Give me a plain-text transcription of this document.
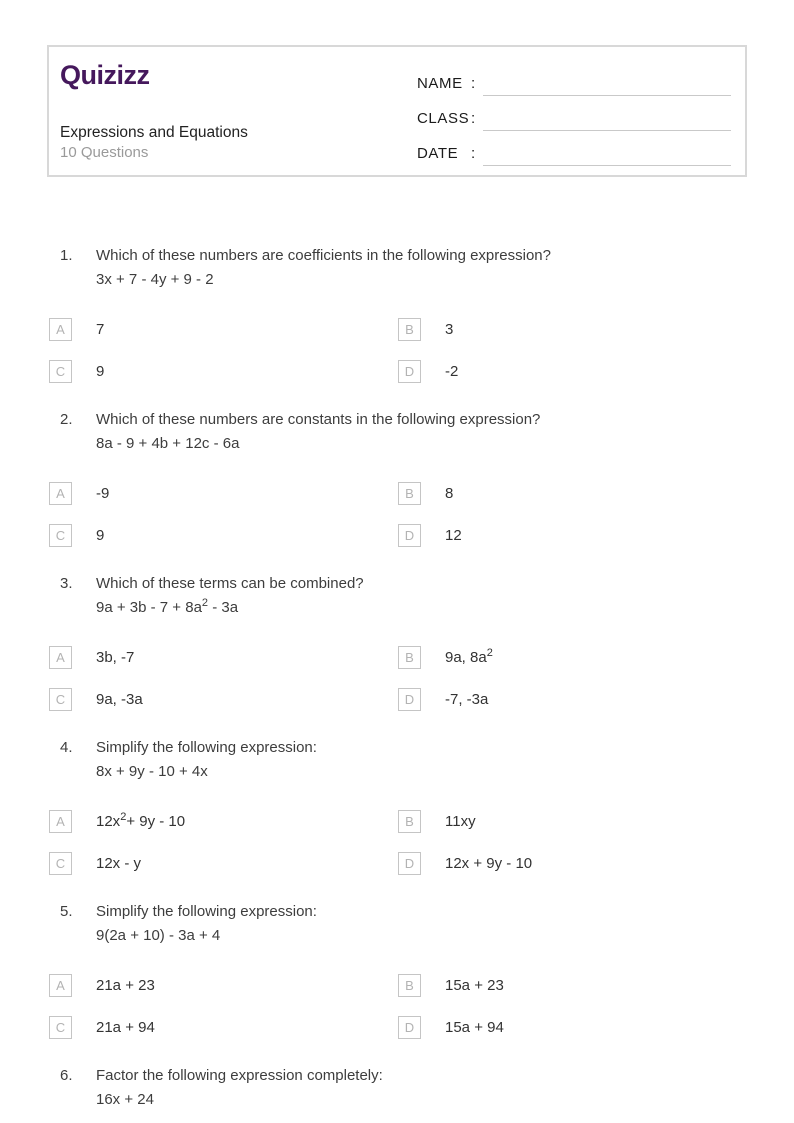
Quizizz
Expressions and Equations
10 Questions
NAME :
CLASS :
DATE :
1.	Which of these numbers are coefficients in the following expression?
3x + 7 - 4y + 9 - 2
A	7	B	3
C	9	D	-2
2.	Which of these numbers are constants in the following expression?
8a - 9 + 4b + 12c - 6a
A	-9	B	8
C	9	D	12
3.	Which of these terms can be combined?
$9a + 3b - 7 + 8a^2 - 3a$
A	3b, -7	B	9a, $8a^2$
C	9a, -3a	D	-7, -3a
4.	Simplify the following expression:
8x + 9y - 10 + 4x
A	$12x^2+ 9y - 10$	B	11xy
C	12x - y	D	12x + 9y - 10
5.	Simplify the following expression:
9(2a + 10) - 3a + 4
A	21a + 23	B	15a + 23
C	21a + 94	D	15a + 94
6.	Factor the following expression completely:
16x + 24
